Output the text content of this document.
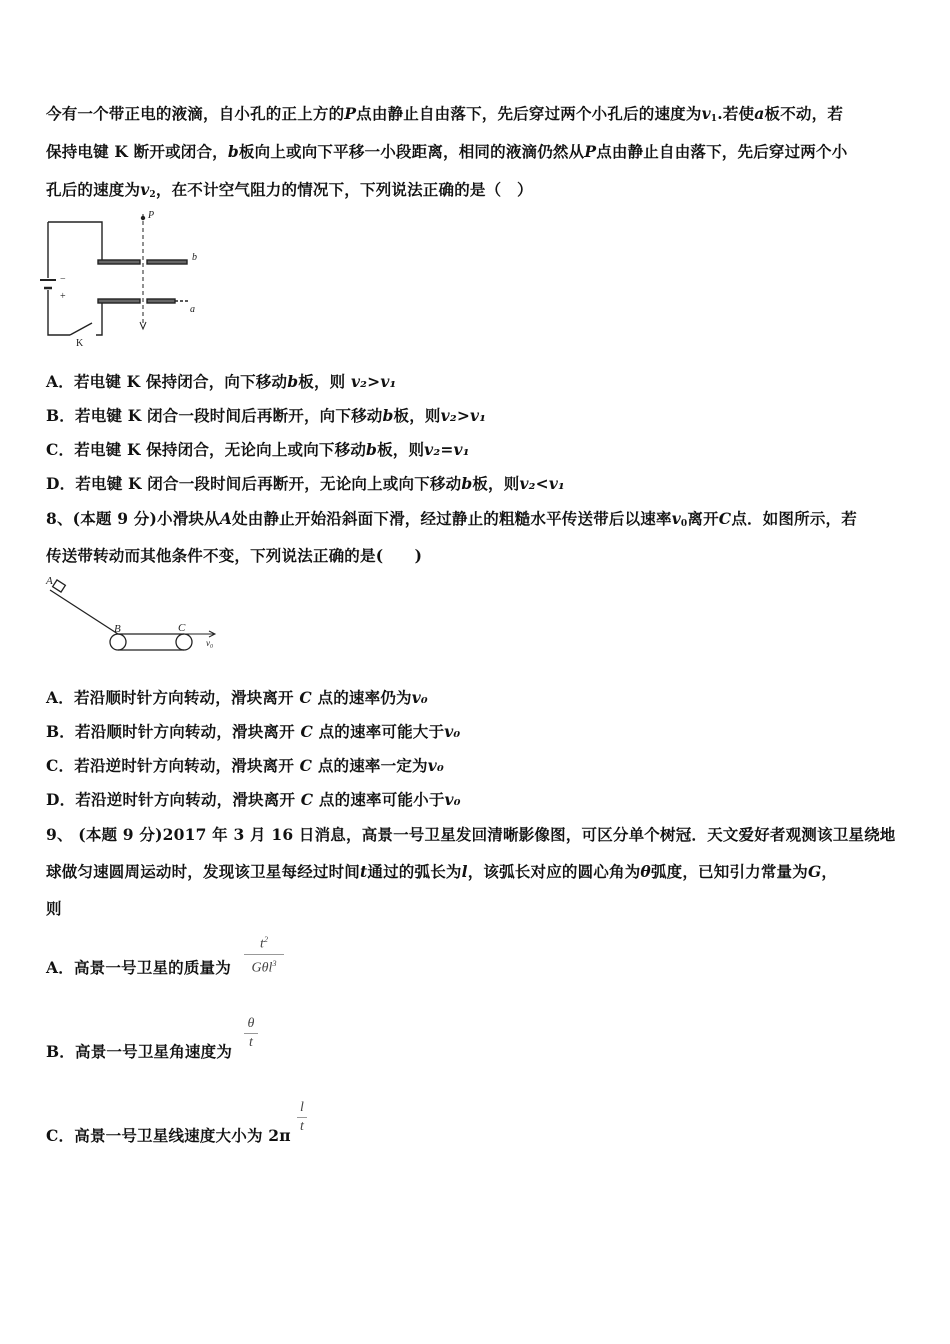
今有一个带正电的液滴，自小孔的正上方的P点由静止自由落下，先后穿过两个小孔后的速度为$v_1$.若使a板不动，若
保持电键 K 断开或闭合，b板向上或向下平移一小段距离，相同的液滴仍然从P点由静止自由落下，先后穿过两个小
孔后的速度为$v_2$，在不计空气阻力的情况下，下列说法正确的是（　）
P
b
a
−
+
K
A．若电键 K 保持闭合，向下移动b板，则 v₂>v₁
B．若电键 K 闭合一段时间后再断开，向下移动b板，则v₂>v₁
C．若电键 K 保持闭合，无论向上或向下移动b板，则v₂=v₁
D．若电键 K 闭合一段时间后再断开，无论向上或向下移动b板，则v₂<v₁
8、(本题 9 分)小滑块从A处由静止开始沿斜面下滑，经过静止的粗糙水平传送带后以速率$v_0$离开C点．如图所示，若
传送带转动而其他条件不变，下列说法正确的是(　　)
A
B	C
v₀
A．若沿顺时针方向转动，滑块离开 C 点的速率仍为v₀
B．若沿顺时针方向转动，滑块离开 C 点的速率可能大于v₀
C．若沿逆时针方向转动，滑块离开 C 点的速率一定为v₀
D．若沿逆时针方向转动，滑块离开 C 点的速率可能小于v₀
9、 (本题 9 分)2017 年 3 月 16 日消息，高景一号卫星发回清晰影像图，可区分单个树冠．天文爱好者观测该卫星绕地
球做匀速圆周运动时，发现该卫星每经过时间t通过的弧长为l，该弧长对应的圆心角为θ弧度，已知引力常量为G，
则
A．高景一号卫星的质量为
$t^2$
Gθl$^3$
B．高景一号卫星角速度为
θ
t
C．高景一号卫星线速度大小为 2π
l
t
